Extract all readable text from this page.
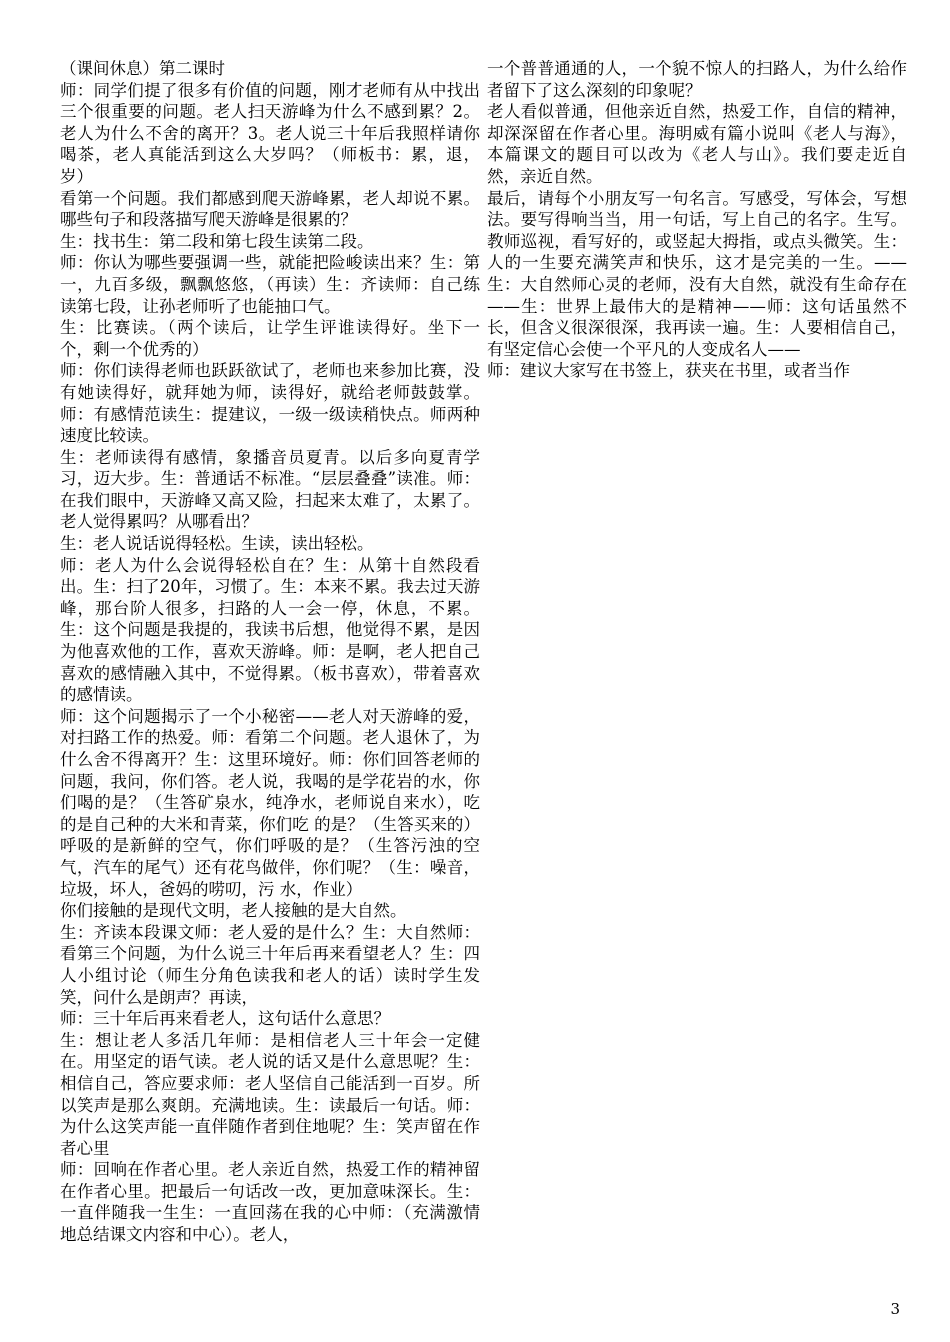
（课间休息）第二课时

师：同学们提了很多有价值的问题，刚才老师有从中找出三个很重要的问题。老人扫天游峰为什么不感到累？2。老人为什么不舍的离开？3。老人说三十年后我照样请你喝茶，老人真能活到这么大岁吗？（师板书：累，退，岁）

看第一个问题。我们都感到爬天游峰累，老人却说不累。哪些句子和段落描写爬天游峰是很累的？

生：找书生：第二段和第七段生读第二段。

师：你认为哪些要强调一些，就能把险峻读出来？生：第一，九百多级，飘飘悠悠，（再读）生：齐读师：自己练读第七段，让孙老师听了也能抽口气。

生：比赛读。（两个读后，让学生评谁读得好。坐下一个，剩一个优秀的）

师：你们读得老师也跃跃欲试了，老师也来参加比赛，没有她读得好，就拜她为师，读得好，就给老师鼓鼓掌。师：有感情范读生：提建议，一级一级读稍快点。师两种速度比较读。

生：老师读得有感情，象播音员夏青。以后多向夏青学习，迈大步。生：普通话不标准。“层层叠叠”读准。师：在我们眼中，天游峰又高又险，扫起来太难了，太累了。老人觉得累吗？从哪看出？

生：老人说话说得轻松。生读，读出轻松。

师：老人为什么会说得轻松自在？生：从第十自然段看出。生：扫了20年，习惯了。生：本来不累。我去过天游峰，那台阶人很多，扫路的人一会一停，休息，不累。生：这个问题是我提的，我读书后想，他觉得不累，是因为他喜欢他的工作，喜欢天游峰。师：是啊，老人把自己喜欢的感情融入其中，不觉得累。（板书喜欢），带着喜欢的感情读。

师：这个问题揭示了一个小秘密——老人对天游峰的爱，对扫路工作的热爱。师：看第二个问题。老人退休了，为什么舍不得离开？生：这里环境好。师：你们回答老师的问题，我问，你们答。老人说，我喝的是学花岩的水，你们喝的是？（生答矿泉水，纯净水，老师说自来水），吃的是自己种的大米和青菜，你们吃 的是？（生答买来的）呼吸的是新鲜的空气，你们呼吸的是？（生答污浊的空气，汽车的尾气）还有花鸟做伴，你们呢？（生：噪音，垃圾，坏人，爸妈的唠叨，污 水，作业）

你们接触的是现代文明，老人接触的是大自然。

生：齐读本段课文师：老人爱的是什么？生：大自然师：看第三个问题，为什么说三十年后再来看望老人？生：四人小组讨论（师生分角色读我和老人的话）读时学生发笑，问什么是朗声？再读，

师：三十年后再来看老人，这句话什么意思？

生：想让老人多活几年师：是相信老人三十年会一定健在。用坚定的语气读。老人说的话又是什么意思呢？生：相信自己，答应要求师：老人坚信自己能活到一百岁。所以笑声是那么爽朗。充满地读。生：读最后一句话。师：为什么这笑声能一直伴随作者到住地呢？生：笑声留在作者心里

师：回响在作者心里。老人亲近自然，热爱工作的精神留在作者心里。把最后一句话改一改，更加意味深长。生：一直伴随我一生生：一直回荡在我的心中师：（充满激情地总结课文内容和中心）。老人，

一个普普通通的人，一个貌不惊人的扫路人，为什么给作者留下了这么深刻的印象呢？

老人看似普通，但他亲近自然，热爱工作，自信的精神，却深深留在作者心里。海明威有篇小说叫《老人与海》，本篇课文的题目可以改为《老人与山》。我们要走近自然，亲近自然。

最后，请每个小朋友写一句名言。写感受，写体会，写想法。要写得响当当，用一句话，写上自己的名字。生写。教师巡视，看写好的，或竖起大拇指，或点头微笑。生：人的一生要充满笑声和快乐，这才是完美的一生。——生：大自然师心灵的老师，没有大自然，就没有生命存在——生：世界上最伟大的是精神——师：这句话虽然不长，但含义很深很深，我再读一遍。生：人要相信自己，有坚定信心会使一个平凡的人变成名人——

师：建议大家写在书签上，获夹在书里，或者当作

3
